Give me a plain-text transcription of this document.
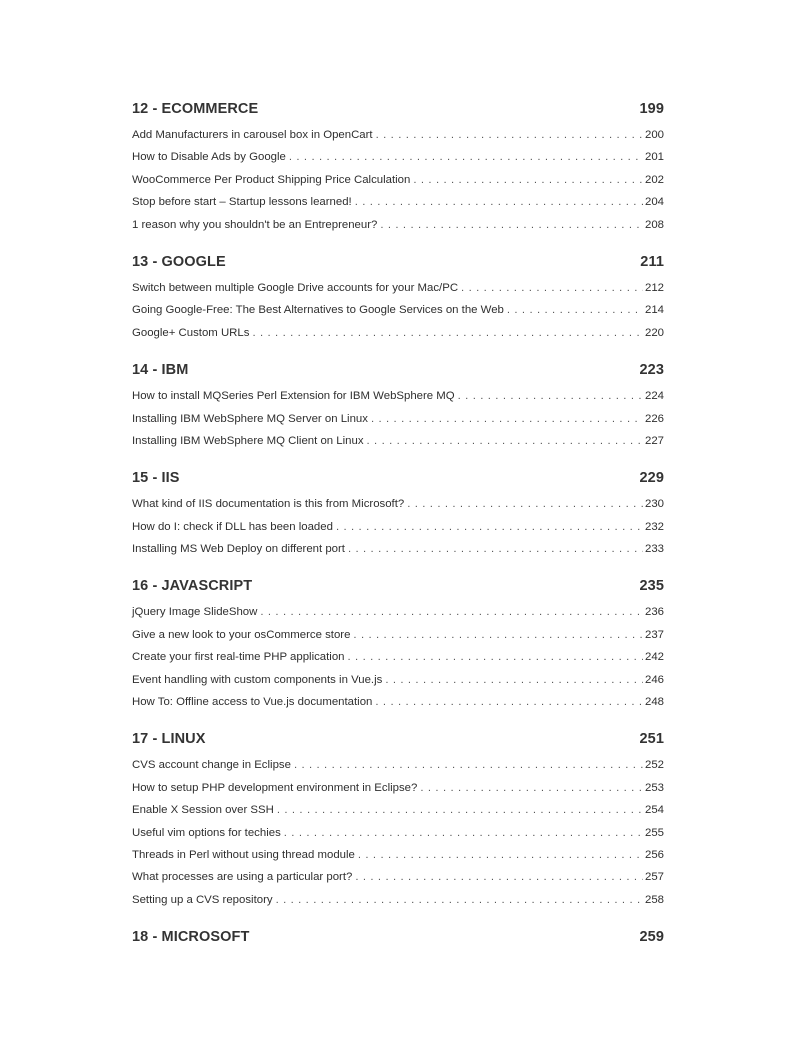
12 - ECOMMERCE	199
Add Manufacturers in carousel box in OpenCart . . .	200
How to Disable Ads by Google . . .	201
WooCommerce Per Product Shipping Price Calculation . . .	202
Stop before start – Startup lessons learned! . . .	204
1 reason why you shouldn't be an Entrepreneur? . . .	208
13 - GOOGLE	211
Switch between multiple Google Drive accounts for your Mac/PC . . .	212
Going Google-Free: The Best Alternatives to Google Services on the Web . . .	214
Google+ Custom URLs . . .	220
14 - IBM	223
How to install MQSeries Perl Extension for IBM WebSphere MQ . . .	224
Installing IBM WebSphere MQ Server on Linux . . .	226
Installing IBM WebSphere MQ Client on Linux . . .	227
15 - IIS	229
What kind of IIS documentation is this from Microsoft? . . .	230
How do I: check if DLL has been loaded . . .	232
Installing MS Web Deploy on different port . . .	233
16 - JAVASCRIPT	235
jQuery Image SlideShow . . .	236
Give a new look to your osCommerce store . . .	237
Create your first real-time PHP application . . .	242
Event handling with custom components in Vue.js . . .	246
How To: Offline access to Vue.js documentation . . .	248
17 - LINUX	251
CVS account change in Eclipse . . .	252
How to setup PHP development environment in Eclipse? . . .	253
Enable X Session over SSH . . .	254
Useful vim options for techies . . .	255
Threads in Perl without using thread module . . .	256
What processes are using a particular port? . . .	257
Setting up a CVS repository . . .	258
18 - MICROSOFT	259
